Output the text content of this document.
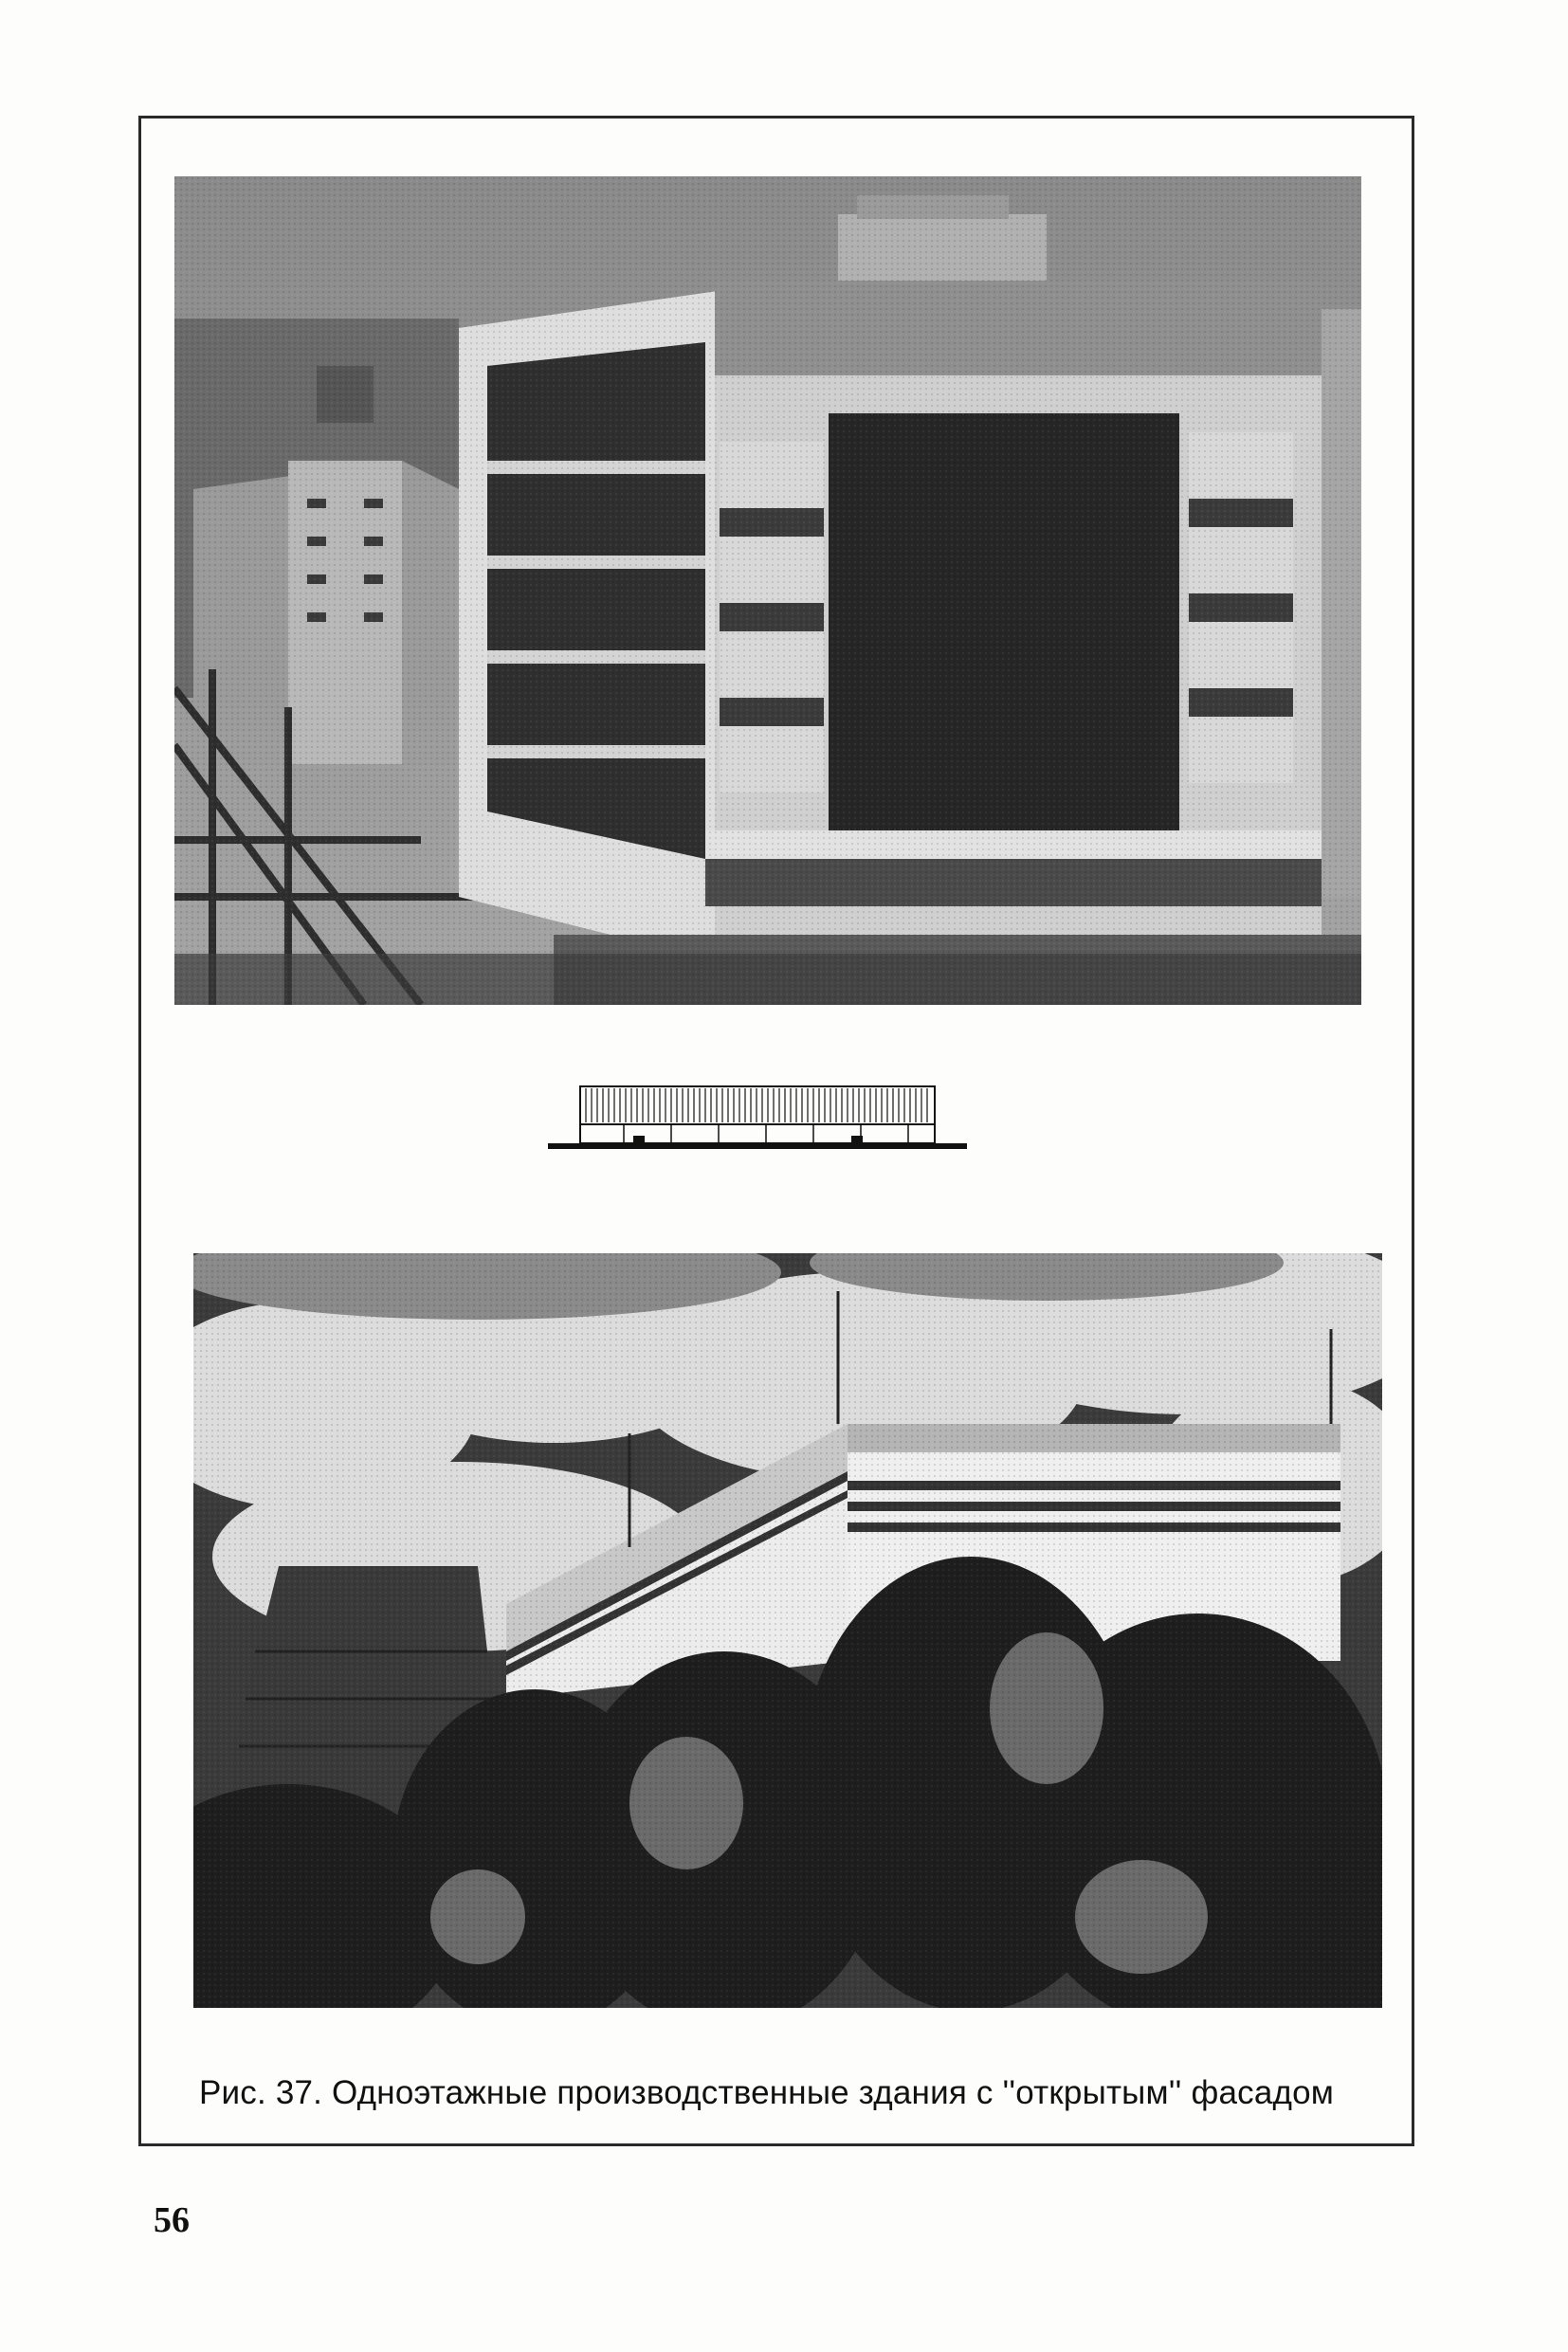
Рис. 37. Одноэтажные производственные здания с ''открытым'' фасадом
56
